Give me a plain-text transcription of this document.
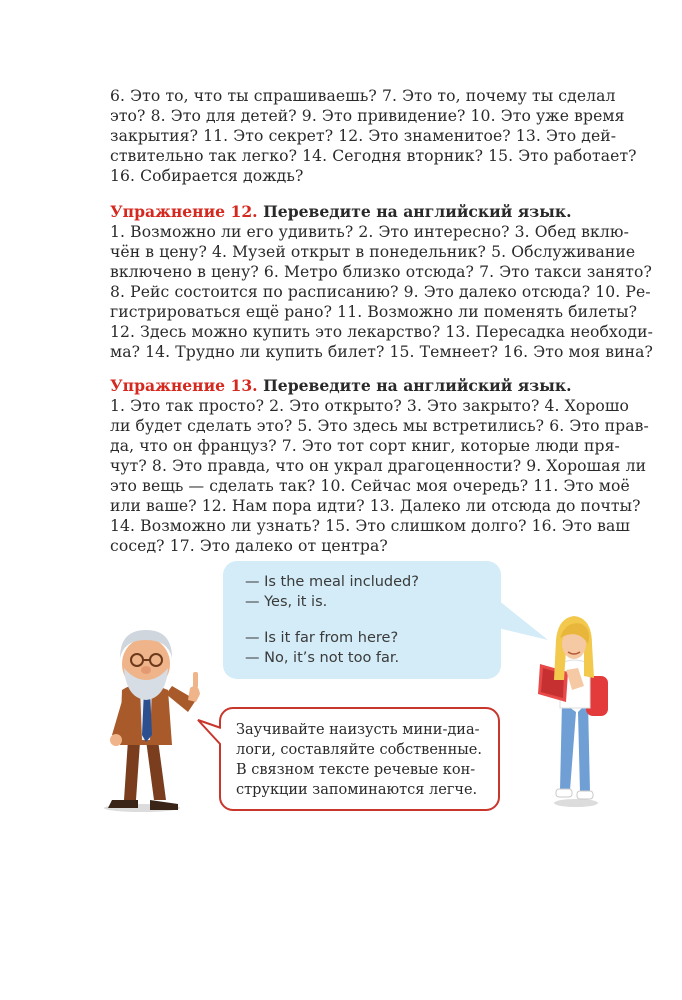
6. Это то, что ты спрашиваешь? 7. Это то, почему ты сделал
это? 8. Это для детей? 9. Это привидение? 10. Это уже время
закрытия? 11. Это секрет? 12. Это знаменитое? 13. Это дей-
ствительно так легко? 14. Сегодня вторник? 15. Это работает?
16. Собирается дождь?
Упражнение 12. Переведите на английский язык.
1. Возможно ли его удивить? 2. Это интересно? 3. Обед вклю-
чён в цену? 4. Музей открыт в понедельник? 5. Обслуживание
включено в цену? 6. Метро близко отсюда? 7. Это такси занято?
8. Рейс состоится по расписанию? 9. Это далеко отсюда? 10. Ре-
гистрироваться ещё рано? 11. Возможно ли поменять билеты?
12. Здесь можно купить это лекарство? 13. Пересадка необходи-
ма? 14. Трудно ли купить билет? 15. Темнеет? 16. Это моя вина?
Упражнение 13. Переведите на английский язык.
1. Это так просто? 2. Это открыто? 3. Это закрыто? 4. Хорошо
ли будет сделать это? 5. Это здесь мы встретились? 6. Это прав-
да, что он француз? 7. Это тот сорт книг, которые люди пря-
чут? 8. Это правда, что он украл драгоценности? 9. Хорошая ли
это вещь — сделать так? 10. Сейчас моя очередь? 11. Это моё
или ваше? 12. Нам пора идти? 13. Далеко ли отсюда до почты?
14. Возможно ли узнать? 15. Это слишком долго? 16. Это ваш
сосед? 17. Это далеко от центра?
— Is the meal included?
— Yes, it is.
— Is it far from here?
— No, it’s not too far.
Заучивайте наизусть мини-диа-
логи, составляйте собственные.
В связном тексте речевые кон-
струкции запоминаются легче.
